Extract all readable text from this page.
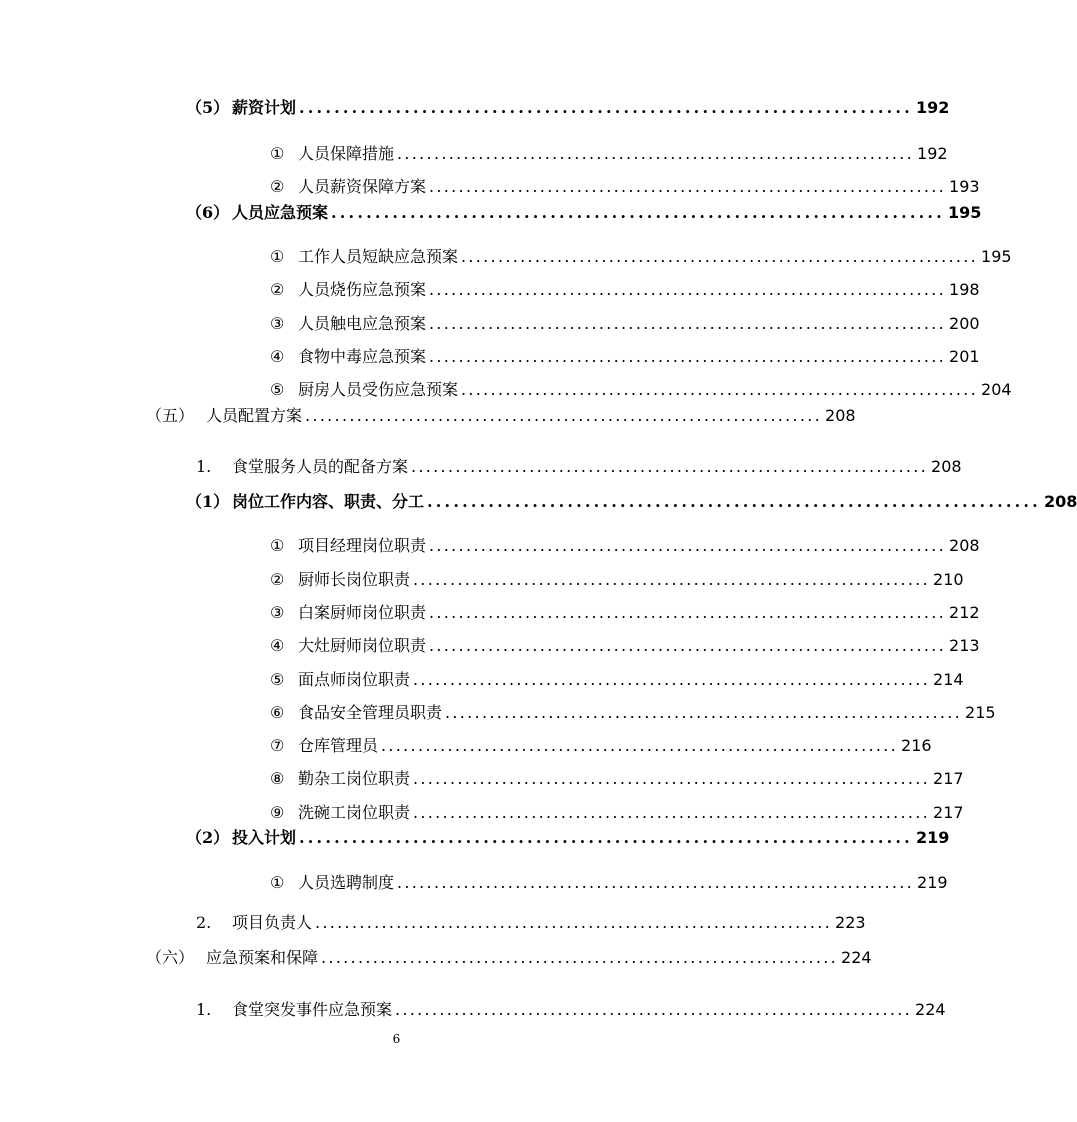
（5） 薪资计划 ...................................................................... 192
① 人员保障措施 ...................................................................... 192
② 人员薪资保障方案 ...................................................................... 193
（6） 人员应急预案 ...................................................................... 195
① 工作人员短缺应急预案 ...................................................................... 195
② 人员烧伤应急预案 ...................................................................... 198
③ 人员触电应急预案 ...................................................................... 200
④ 食物中毒应急预案 ...................................................................... 201
⑤ 厨房人员受伤应急预案 ...................................................................... 204
（五） 人员配置方案 ...................................................................... 208
1.	食堂服务人员的配备方案 ...................................................................... 208
（1） 岗位工作内容、职责、分工 ...................................................................... 208
① 项目经理岗位职责 ...................................................................... 208
② 厨师长岗位职责 ...................................................................... 210
③ 白案厨师岗位职责 ...................................................................... 212
④ 大灶厨师岗位职责 ...................................................................... 213
⑤ 面点师岗位职责 ...................................................................... 214
⑥ 食品安全管理员职责 ...................................................................... 215
⑦ 仓库管理员 ...................................................................... 216
⑧ 勤杂工岗位职责 ...................................................................... 217
⑨ 洗碗工岗位职责 ...................................................................... 217
（2） 投入计划 ...................................................................... 219
① 人员选聘制度 ...................................................................... 219
2.	项目负责人 ...................................................................... 223
（六） 应急预案和保障 ...................................................................... 224
1.	食堂突发事件应急预案 ...................................................................... 224
6
